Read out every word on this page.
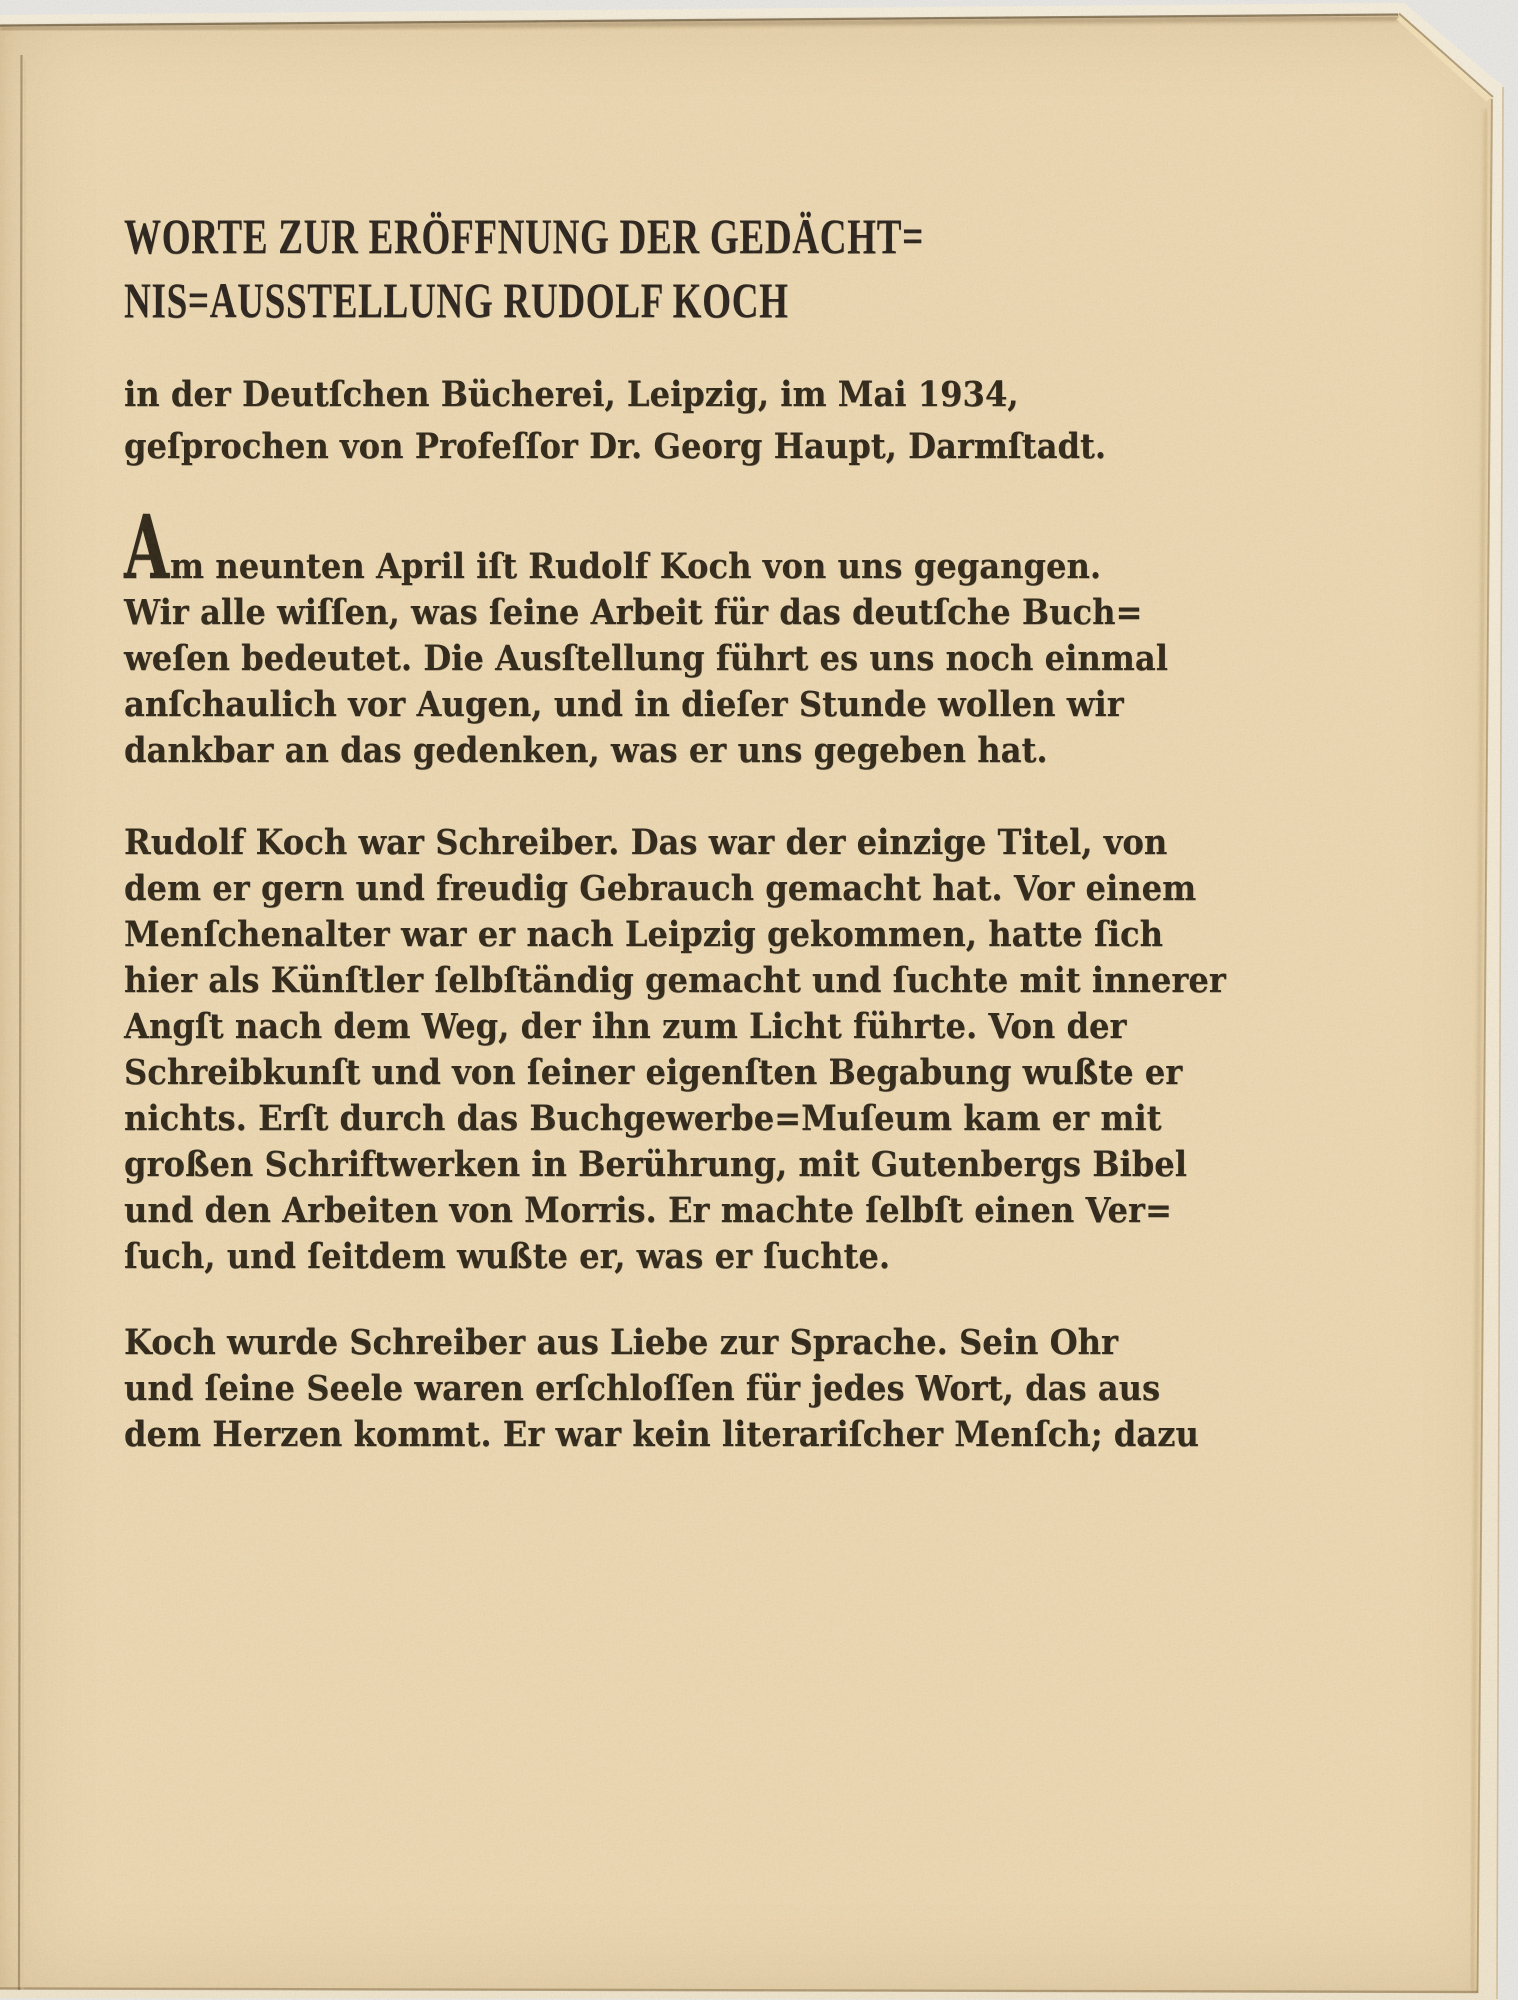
WORTE ZUR ERÖFFNUNG DER GEDÄCHT=
NIS=AUSSTELLUNG RUDOLF KOCH
in der Deutſchen Bücherei, Leipzig, im Mai 1934,
geſprochen von Profeſſor Dr. Georg Haupt, Darmſtadt.
Am neunten April iſt Rudolf Koch von uns gegangen.
Wir alle wiſſen, was ſeine Arbeit für das deutſche Buch=
weſen bedeutet. Die Ausſtellung führt es uns noch einmal
anſchaulich vor Augen, und in dieſer Stunde wollen wir
dankbar an das gedenken, was er uns gegeben hat.
Rudolf Koch war Schreiber. Das war der einzige Titel, von
dem er gern und freudig Gebrauch gemacht hat. Vor einem
Menſchenalter war er nach Leipzig gekommen, hatte ſich
hier als Künſtler ſelbſtändig gemacht und ſuchte mit innerer
Angſt nach dem Weg, der ihn zum Licht führte. Von der
Schreibkunſt und von ſeiner eigenſten Begabung wußte er
nichts. Erſt durch das Buchgewerbe=Muſeum kam er mit
großen Schriftwerken in Berührung, mit Gutenbergs Bibel
und den Arbeiten von Morris. Er machte ſelbſt einen Ver=
ſuch, und ſeitdem wußte er, was er ſuchte.
Koch wurde Schreiber aus Liebe zur Sprache. Sein Ohr
und ſeine Seele waren erſchloſſen für jedes Wort, das aus
dem Herzen kommt. Er war kein literariſcher Menſch; dazu
